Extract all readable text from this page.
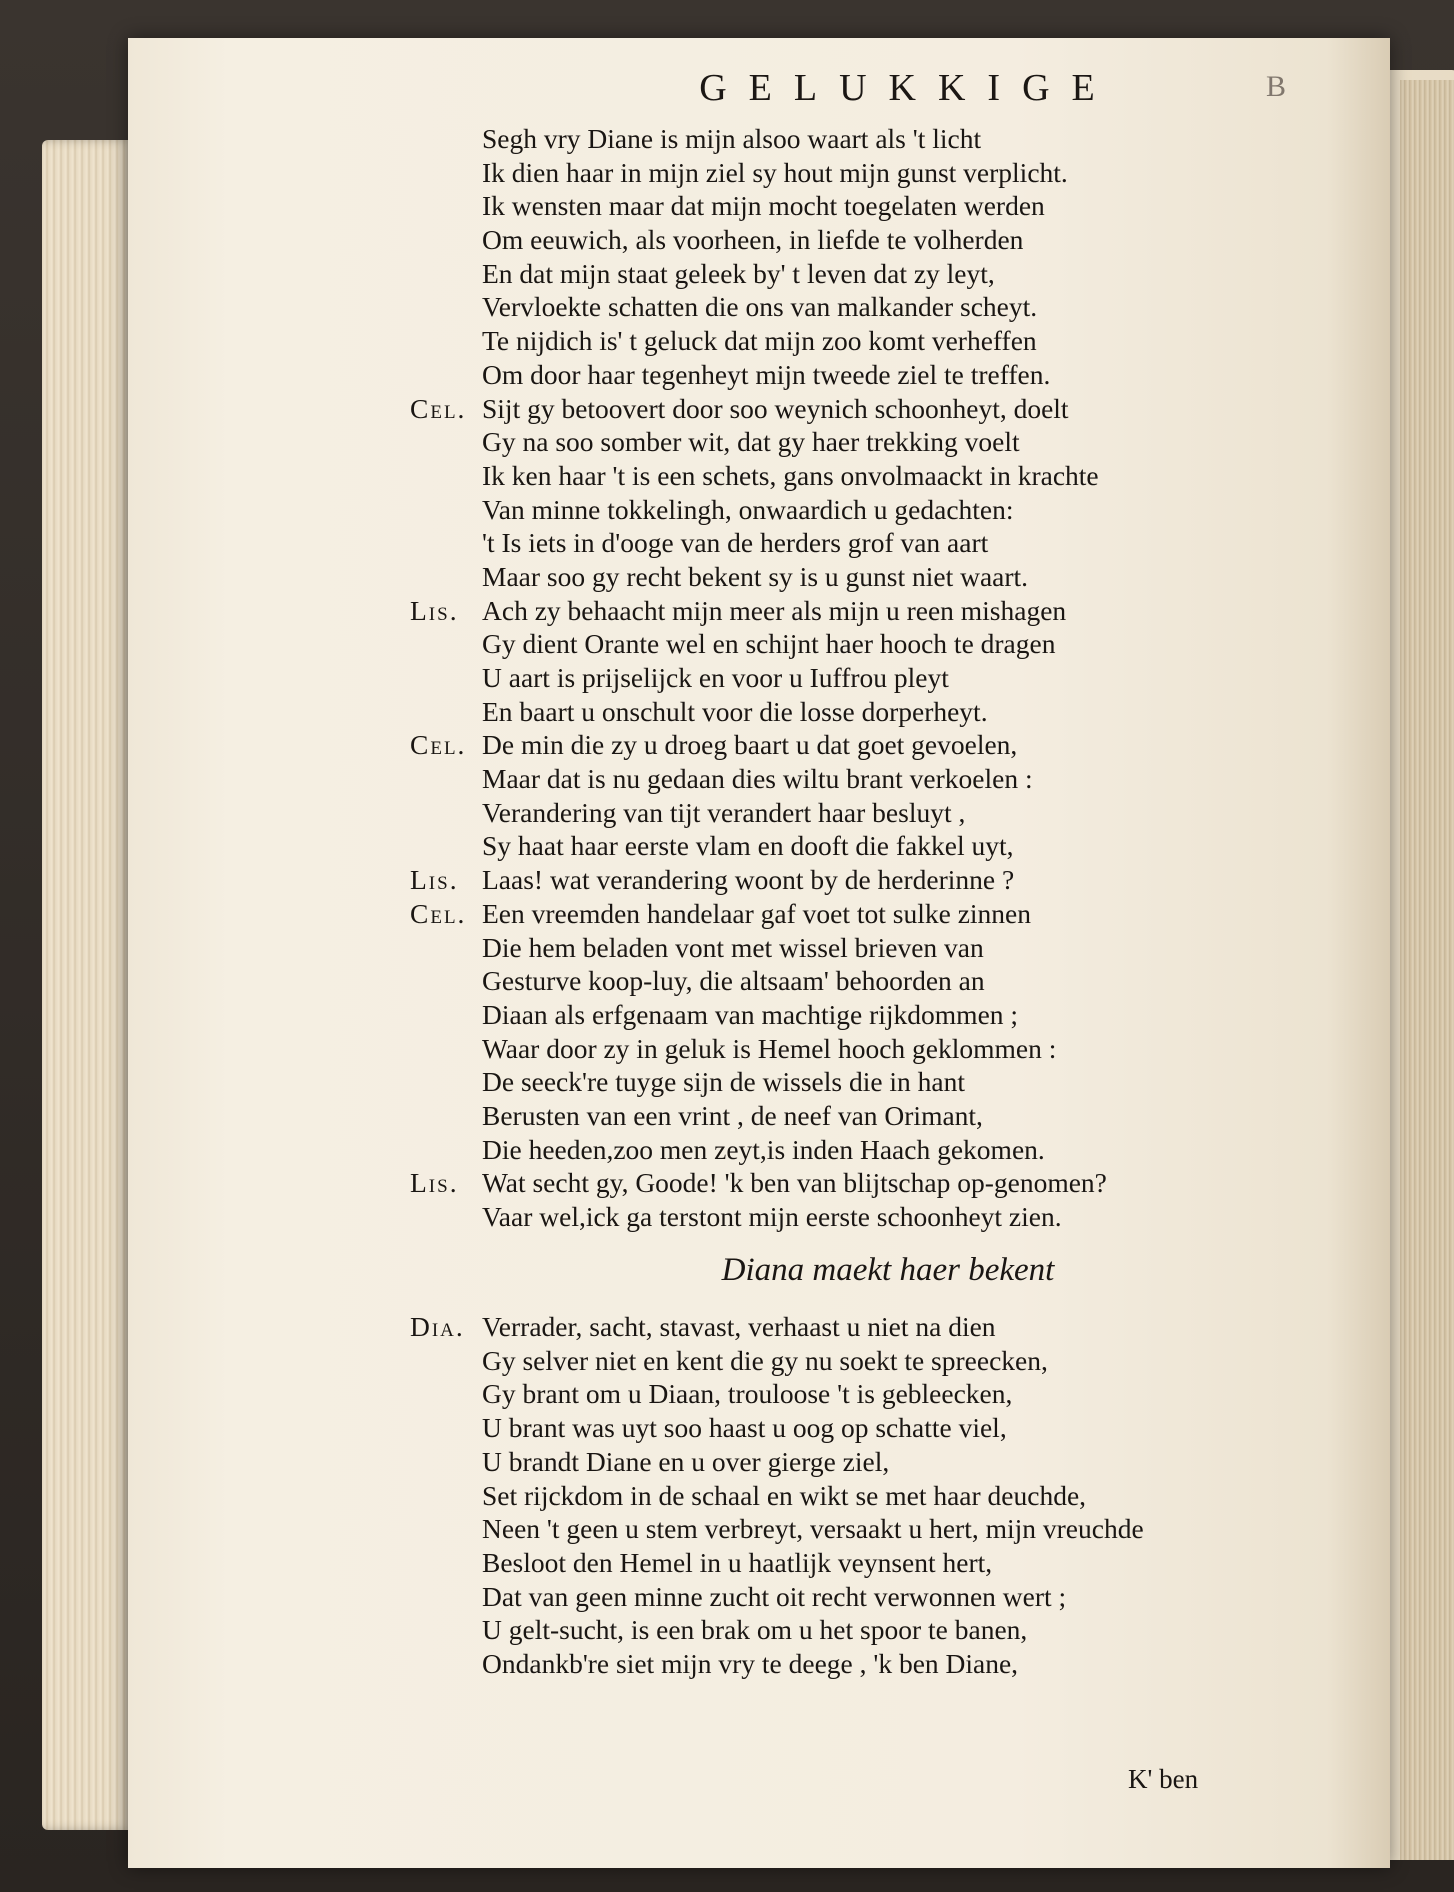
GELUKKIGE	B
Segh vry Diane is mijn alsoo waart als 't licht
Ik dien haar in mijn ziel sy hout mijn gunst verplicht.
Ik wensten maar dat mijn mocht toegelaten werden
Om eeuwich, als voorheen, in liefde te volherden
En dat mijn staat geleek by' t leven dat zy leyt,
Vervloekte schatten die ons van malkander scheyt.
Te nijdich is' t geluck dat mijn zoo komt verheffen
Om door haar tegenheyt mijn tweede ziel te treffen.
Cel. Sijt gy betoovert door soo weynich schoonheyt, doelt
Gy na soo somber wit, dat gy haer trekking voelt
Ik ken haar 't is een schets, gans onvolmaackt in krachte
Van minne tokkelingh, onwaardich u gedachten:
't Is iets in d'ooge van de herders grof van aart
Maar soo gy recht bekent sy is u gunst niet waart.
Lis. Ach zy behaacht mijn meer als mijn u reen mishagen
Gy dient Orante wel en schijnt haer hooch te dragen
U aart is prijselijck en voor u Iuffrou pleyt
En baart u onschult voor die losse dorperheyt.
Cel. De min die zy u droeg baart u dat goet gevoelen,
Maar dat is nu gedaan dies wiltu brant verkoelen :
Verandering van tijt verandert haar besluyt ,
Sy haat haar eerste vlam en dooft die fakkel uyt,
Lis. Laas! wat verandering woont by de herderinne ?
Cel. Een vreemden handelaar gaf voet tot sulke zinnen
Die hem beladen vont met wissel brieven van
Gesturve koop-luy, die altsaam' behoorden an
Diaan als erfgenaam van machtige rijkdommen ;
Waar door zy in geluk is Hemel hooch geklommen :
De seeck're tuyge sijn de wissels die in hant
Berusten van een vrint , de neef van Orimant,
Die heeden,zoo men zeyt,is inden Haach gekomen.
Lis. Wat secht gy, Goode! 'k ben van blijtschap op-genomen?
Vaar wel,ick ga terstont mijn eerste schoonheyt zien.
Diana maekt haer bekent
Dia. Verrader, sacht, stavast, verhaast u niet na dien
Gy selver niet en kent die gy nu soekt te spreecken,
Gy brant om u Diaan, trouloose 't is gebleecken,
U brant was uyt soo haast u oog op schatte viel,
U brandt Diane en u over gierge ziel,
Set rijckdom in de schaal en wikt se met haar deuchde,
Neen 't geen u stem verbreyt, versaakt u hert, mijn vreuchde
Besloot den Hemel in u haatlijk veynsent hert,
Dat van geen minne zucht oit recht verwonnen wert ;
U gelt-sucht, is een brak om u het spoor te banen,
Ondankb're siet mijn vry te deege , 'k ben Diane,
K' ben
